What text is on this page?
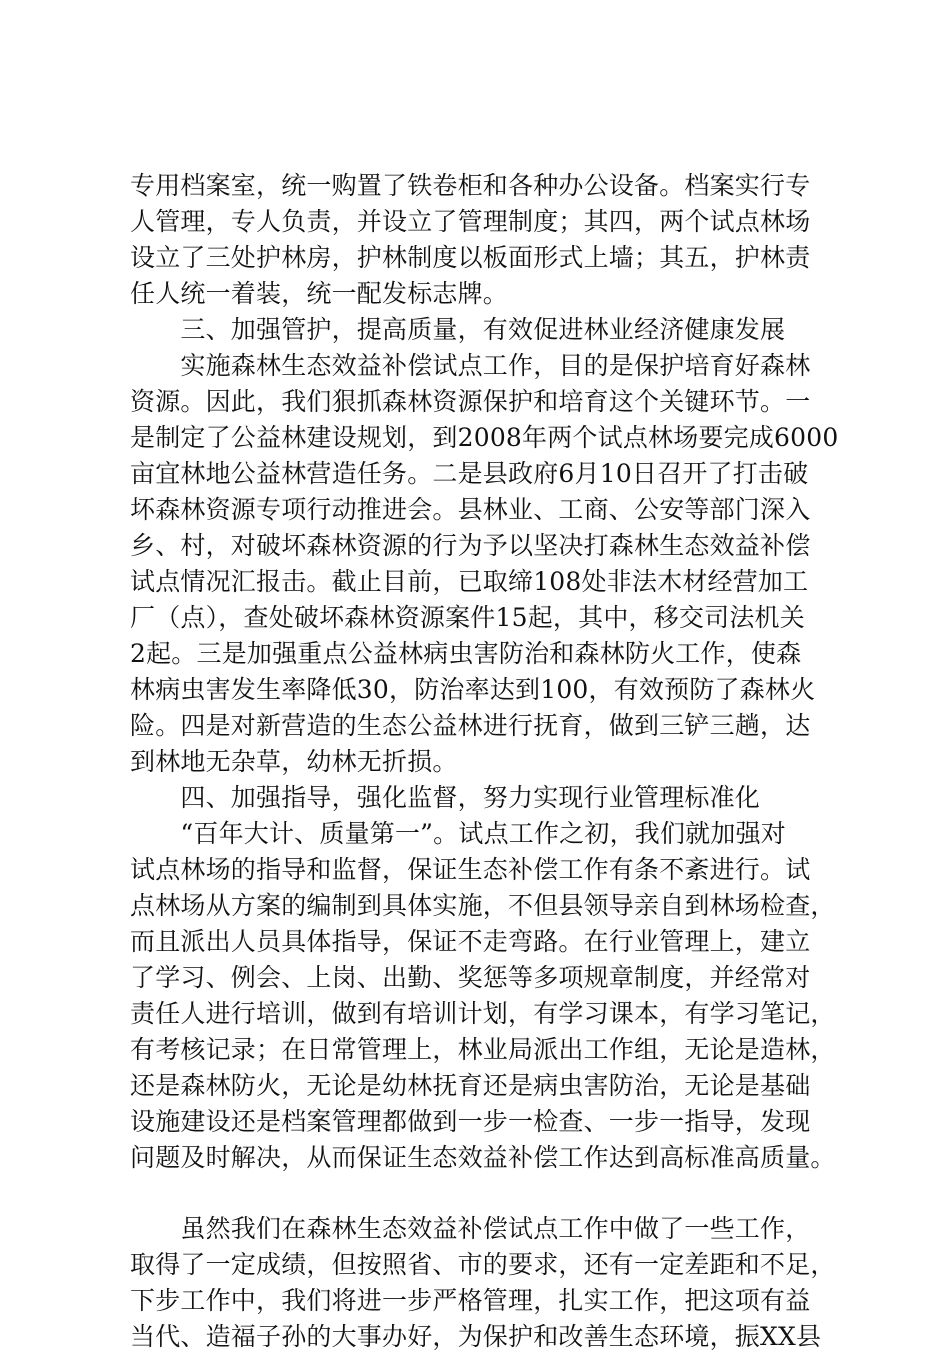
专用档案室，统一购置了铁卷柜和各种办公设备。档案实行专
人管理，专人负责，并设立了管理制度；其四，两个试点林场
设立了三处护林房，护林制度以板面形式上墙；其五，护林责
任人统一着装，统一配发标志牌。
　　三、加强管护，提高质量，有效促进林业经济健康发展
　　实施森林生态效益补偿试点工作，目的是保护培育好森林
资源。因此，我们狠抓森林资源保护和培育这个关键环节。一
是制定了公益林建设规划，到2008年两个试点林场要完成6000
亩宜林地公益林营造任务。二是县政府6月10日召开了打击破
坏森林资源专项行动推进会。县林业、工商、公安等部门深入
乡、村，对破坏森林资源的行为予以坚决打森林生态效益补偿
试点情况汇报击。截止目前，已取缔108处非法木材经营加工
厂（点），查处破坏森林资源案件15起，其中，移交司法机关
2起。三是加强重点公益林病虫害防治和森林防火工作，使森
林病虫害发生率降低30，防治率达到100，有效预防了森林火
险。四是对新营造的生态公益林进行抚育，做到三铲三趟，达
到林地无杂草，幼林无折损。
　　四、加强指导，强化监督，努力实现行业管理标准化
　　“百年大计、质量第一”。试点工作之初，我们就加强对
试点林场的指导和监督，保证生态补偿工作有条不紊进行。试
点林场从方案的编制到具体实施，不但县领导亲自到林场检查，
而且派出人员具体指导，保证不走弯路。在行业管理上，建立
了学习、例会、上岗、出勤、奖惩等多项规章制度，并经常对
责任人进行培训，做到有培训计划，有学习课本，有学习笔记，
有考核记录；在日常管理上，林业局派出工作组，无论是造林，
还是森林防火，无论是幼林抚育还是病虫害防治，无论是基础
设施建设还是档案管理都做到一步一检查、一步一指导，发现
问题及时解决，从而保证生态效益补偿工作达到高标准高质量。
　　虽然我们在森林生态效益补偿试点工作中做了一些工作，
取得了一定成绩，但按照省、市的要求，还有一定差距和不足，
下步工作中，我们将进一步严格管理，扎实工作，把这项有益
当代、造福子孙的大事办好，为保护和改善生态环境，振XX县
